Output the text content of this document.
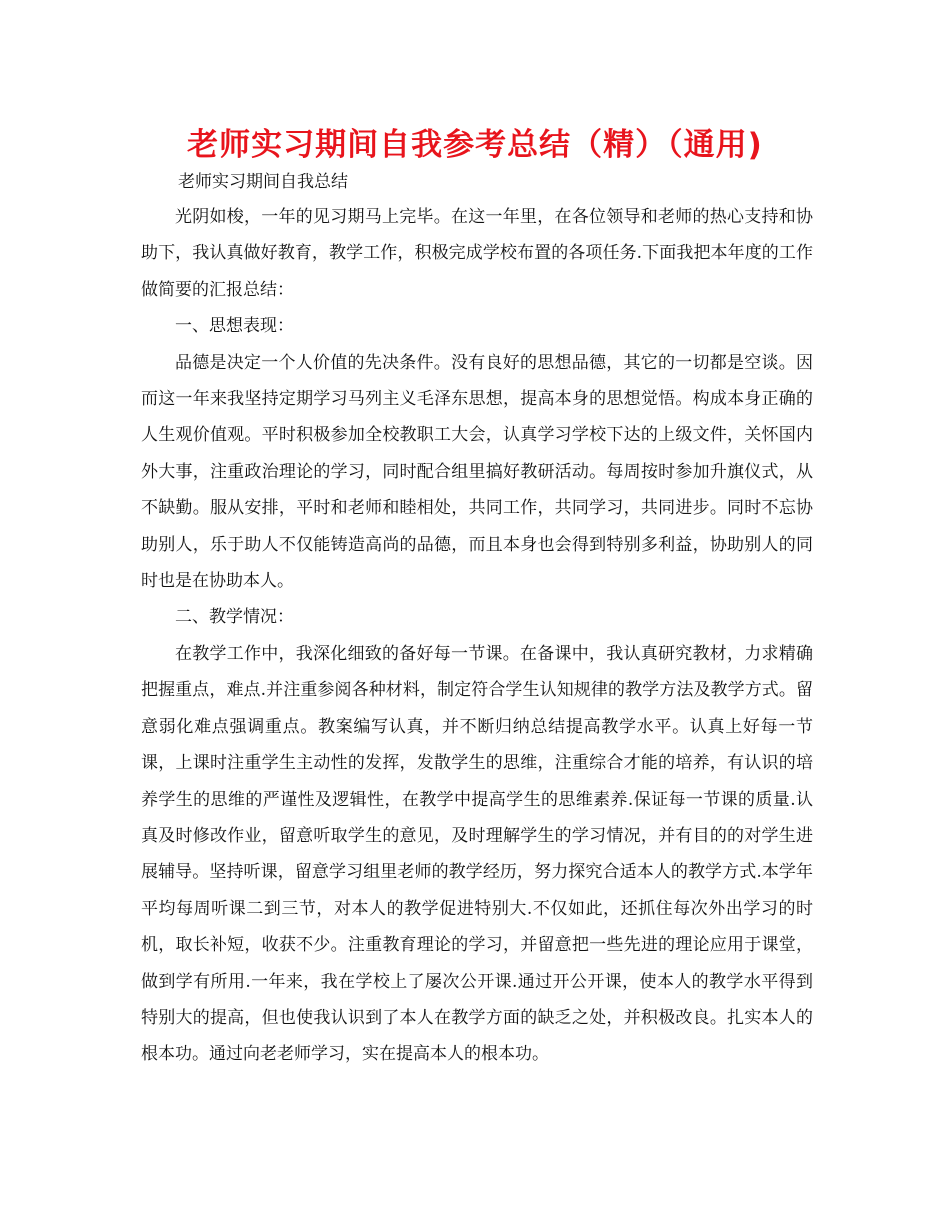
老师实习期间自我参考总结（精）（通用)
老师实习期间自我总结

光阴如梭，一年的见习期马上完毕。在这一年里，在各位领导和老师的热心支持和协助下，我认真做好教育，教学工作，积极完成学校布置的各项任务.下面我把本年度的工作做简要的汇报总结：

一、思想表现：

品德是决定一个人价值的先决条件。没有良好的思想品德，其它的一切都是空谈。因而这一年来我坚持定期学习马列主义毛泽东思想，提高本身的思想觉悟。构成本身正确的人生观价值观。平时积极参加全校教职工大会，认真学习学校下达的上级文件，关怀国内外大事，注重政治理论的学习，同时配合组里搞好教研活动。每周按时参加升旗仪式，从不缺勤。服从安排，平时和老师和睦相处，共同工作，共同学习，共同进步。同时不忘协助别人，乐于助人不仅能铸造高尚的品德，而且本身也会得到特别多利益，协助别人的同时也是在协助本人。

二、教学情况：

在教学工作中，我深化细致的备好每一节课。在备课中，我认真研究教材，力求精确把握重点，难点.并注重参阅各种材料，制定符合学生认知规律的教学方法及教学方式。留意弱化难点强调重点。教案编写认真，并不断归纳总结提高教学水平。认真上好每一节课，上课时注重学生主动性的发挥，发散学生的思维，注重综合才能的培养，有认识的培养学生的思维的严谨性及逻辑性，在教学中提高学生的思维素养.保证每一节课的质量.认真及时修改作业，留意听取学生的意见，及时理解学生的学习情况，并有目的的对学生进展辅导。坚持听课，留意学习组里老师的教学经历，努力探究合适本人的教学方式.本学年平均每周听课二到三节，对本人的教学促进特别大.不仅如此，还抓住每次外出学习的时机，取长补短，收获不少。注重教育理论的学习，并留意把一些先进的理论应用于课堂，做到学有所用.一年来，我在学校上了屡次公开课.通过开公开课，使本人的教学水平得到特别大的提高，但也使我认识到了本人在教学方面的缺乏之处，并积极改良。扎实本人的根本功。通过向老老师学习，实在提高本人的根本功。
